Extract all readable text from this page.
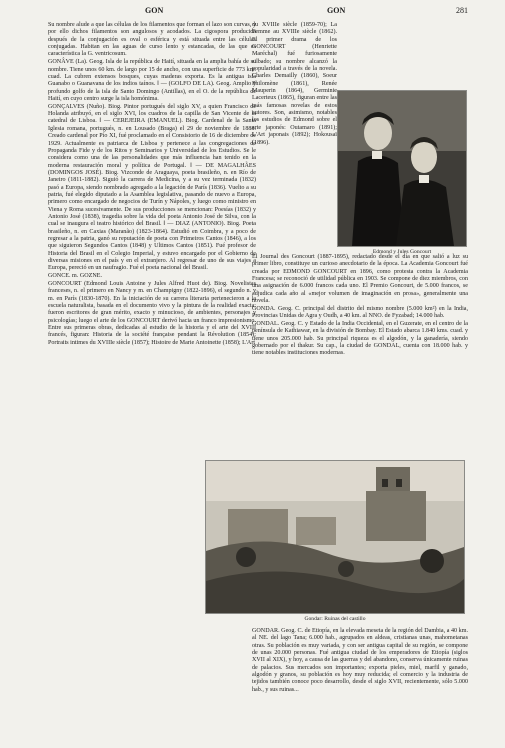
GON	GON	281

Su nombre alude a que las células de los filamentos que forman el lazo son curvas, y por ello dichos filamentos son angulosos y acodados. La cigospora producida después de la conjugación es oval o esférica y está situada entre las células conjugadas. Habitan en las aguas de curso lento y estancadas, de las que es característica la G. ventricosum.

GONÂVE (La). Geog. Isla de la república de Haití, situada en la amplia bahía de su nombre. Tiene unos 60 km. de largo por 15 de ancho, con una superficie de 773 km. cuad. La cubren extensos bosques, cuyas maderas exporta. Es la antigua isla Guanabo o Guanavana de los indios taínos. ‖ — (GOLFO DE LA). Geog. Amplio y profundo golfo de la isla de Santo Domingo (Antillas), en el O. de la república de Haití, en cuyo centro surge la isla homónima.

GONÇALVES (Nuño). Biog. Pintor portugués del siglo XV, a quien Francisco de Holanda atribuyó, en el siglo XVI, los cuadros de la capilla de San Vicente de la catedral de Lisboa. ‖ — CEREJEIRA (EMANUEL). Biog. Cardenal de la Santa Iglesia romana, portugués, n. en Lousado (Braga) el 29 de noviembre de 1888. Creado cardenal por Pío XI, fué proclamado en el Consistorio de 16 de diciembre de 1929. Actualmente es patriarca de Lisboa y pertenece a las congregaciones de Propaganda Fide y de los Ritos y Seminarios y Universidad de los Estudios. Se le considera como una de las personalidades que más influencia han tenido en la moderna restauración moral y política de Portugal. ‖ — DE MAGALHÃES (DOMINGOS JOSÉ). Biog. Vizconde de Araguaya, poeta brasileño, n. en Río de Janeiro (1811-1882). Siguió la carrera de Medicina, y a su vez terminada (1832) pasó a Europa, siendo nombrado agregado a la legación de París (1836). Vuelto a su patria, fué elegido diputado a la Asamblea legislativa, pasando de nuevo a Europa, primero como encargado de negocios de Turín y Nápoles, y luego como ministro en Viena y Roma sucesivamente. De sus producciones se mencionan: Poesías (1832) y Antonio José (1838), tragedia sobre la vida del poeta Antonio José de Silva, con la cual se inaugura el teatro histórico del Brasil. ‖ — DIAZ (ANTONIO). Biog. Poeta brasileño, n. en Caxias (Maranão) (1823-1864). Estudió en Coimbra, y a poco de regresar a la patria, ganó su reputación de poeta con Primeiros Cantos (1846), a los que siguieron Segundos Cantos (1848) y Ultimos Cantos (1851). Fué profesor de Historia del Brasil en el Colegio Imperial, y estuvo encargado por el Gobierno de diversas misiones en el país y en el extranjero. Al regresar de uno de sus viajes a Europa, pereció en un naufragio. Fué el poeta nacional del Brasil.

GONCE. m. GOZNE.

GONCOURT (Edmond Louis Antoine y Jules Alfred Huot de). Biog. Novelistas franceses, n. el primero en Nancy y m. en Champigny (1822-1896), el segundo n. y m. en París (1830-1870). En la iniciación de su carrera literaria pertenecieron a la escuela naturalista, basada en el documento vivo y la pintura de la realidad exacta; fueron escritores de gran mérito, exacto y minucioso, de ambientes, personajes y psicologías; luego el arte de los GONCOURT derivó hacia un franco impresionismo. Entre sus primeras obras, dedicadas al estudio de la historia y el arte del XVIII francés, figuran: Historia de la société française pendant la Révolution (1854); Portraits intimes du XVIIIe siècle (1857); Histoire de Marie Antoinette (1858); L'Art

du XVIIIe siècle (1859-70); La Femme au XVIIIe siècle (1862). El primer drama de los GONCOURT (Henriette Maréchal) fué furiosamente silbado; su nombre alcanzó la popularidad a través de la novela. Charles Demailly (1860), Soeur Philomène (1861), Renée Mauperin (1864), Germinie Lacerteux (1865), figuran entre las más famosas novelas de estos autores. Son, asimismo, notables los estudios de Edmond sobre el arte japonés: Outamaro (1891); L'Art japonais (1892); Hokousaï (1896).

El Journal des Goncourt (1887-1895), redactado desde el día en que salió a luz su primer libro, constituye un curioso anecdotario de la época. La Academia Goncourt fué creada por EDMOND GONCOURT en 1896, como protesta contra la Academia Francesa; se reconoció de utilidad pública en 1903. Se compone de diez miembros, con una asignación de 6.000 francos cada uno. El Premio Goncourt, de 5.000 francos, se adjudica cada año al «mejor volumen de imaginación en prosa», generalmente una novela.

GONDA. Geog. C. principal del distrito del mismo nombre (5.000 km²) en la India, Provincias Unidas de Agra y Oudh, a 40 km. al NNO. de Fyzabad; 14.000 hab.

GONDAL. Geog. C. y Estado de la India Occidental, en el Guzerate, en el centro de la península de Kathiawar, en la división de Bombay. El Estado abarca 1.840 kms. cuad. y tiene unos 205.000 hab. Su principal riqueza es el algodón, y la ganadería, siendo gobernado por el thakur. Su cap., la ciudad de GONDAL, cuenta con 18.000 hab. y tiene notables instituciones modernas.

GONDAR. Geog. C. de Etiopía, en la elevada meseta de la región del Dambia, a 40 km. al NE. del lago Tana; 6.000 hab., agrupados en aldeas, cristianas unas, mahometanas otras. Su población es muy variada, y con ser antigua capital de su región, se compone de unas 20.000 personas. Fué antigua ciudad de los emperadores de Etiopía (siglos XVII al XIX), y hoy, a causa de las guerras y del abandono, conserva únicamente ruinas de palacios. Sus mercados son importantes; exporta pieles, miel, marfil y ganado, algodón y granos, su población es hoy muy reducida; el comercio y la industria de tejidos también conoce poco desarrollo, desde el siglo XVII, recientemente, sólo 5.000 hab., y sus ruinas...

Edmond y Jules Goncourt
Gondar: Ruinas del castillo
